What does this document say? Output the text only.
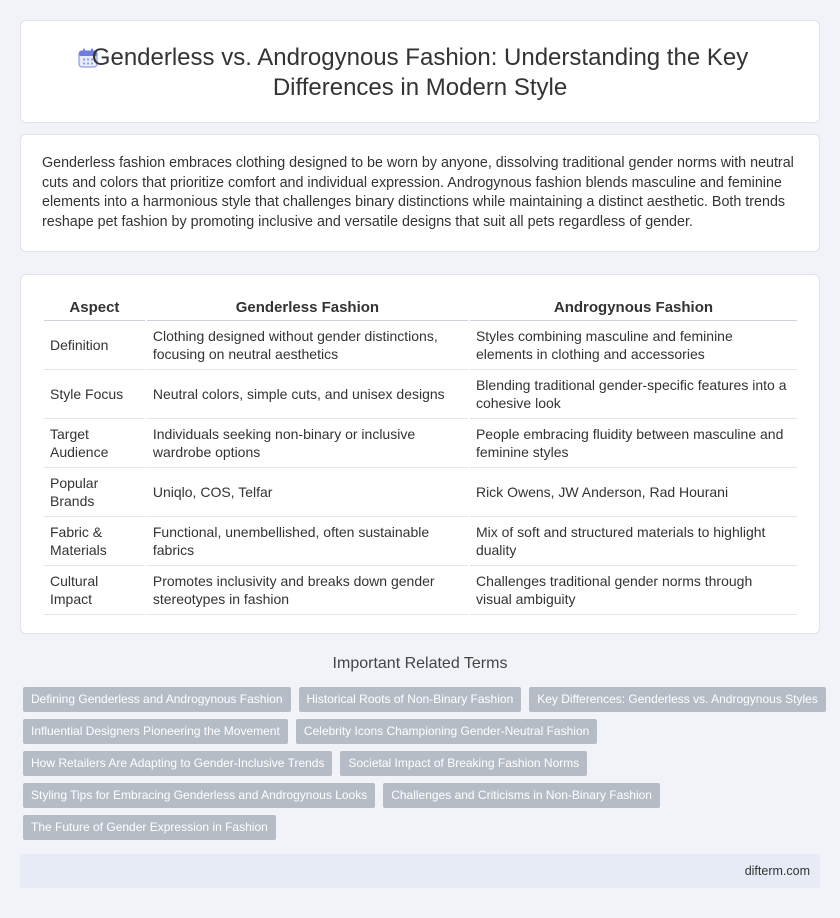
Genderless vs. Androgynous Fashion: Understanding the Key Differences in Modern Style

Genderless fashion embraces clothing designed to be worn by anyone, dissolving traditional gender norms with neutral cuts and colors that prioritize comfort and individual expression. Androgynous fashion blends masculine and feminine elements into a harmonious style that challenges binary distinctions while maintaining a distinct aesthetic. Both trends reshape pet fashion by promoting inclusive and versatile designs that suit all pets regardless of gender.

Aspect	Genderless Fashion	Androgynous Fashion
Definition	Clothing designed without gender distinctions, focusing on neutral aesthetics	Styles combining masculine and feminine elements in clothing and accessories
Style Focus	Neutral colors, simple cuts, and unisex designs	Blending traditional gender-specific features into a cohesive look
Target Audience	Individuals seeking non-binary or inclusive wardrobe options	People embracing fluidity between masculine and feminine styles
Popular Brands	Uniqlo, COS, Telfar	Rick Owens, JW Anderson, Rad Hourani
Fabric & Materials	Functional, unembellished, often sustainable fabrics	Mix of soft and structured materials to highlight duality
Cultural Impact	Promotes inclusivity and breaks down gender stereotypes in fashion	Challenges traditional gender norms through visual ambiguity
Important Related Terms
Defining Genderless and Androgynous Fashion	Historical Roots of Non-Binary Fashion	Key Differences: Genderless vs. Androgynous Styles
Influential Designers Pioneering the Movement	Celebrity Icons Championing Gender-Neutral Fashion
How Retailers Are Adapting to Gender-Inclusive Trends	Societal Impact of Breaking Fashion Norms
Styling Tips for Embracing Genderless and Androgynous Looks	Challenges and Criticisms in Non-Binary Fashion
The Future of Gender Expression in Fashion
difterm.com
